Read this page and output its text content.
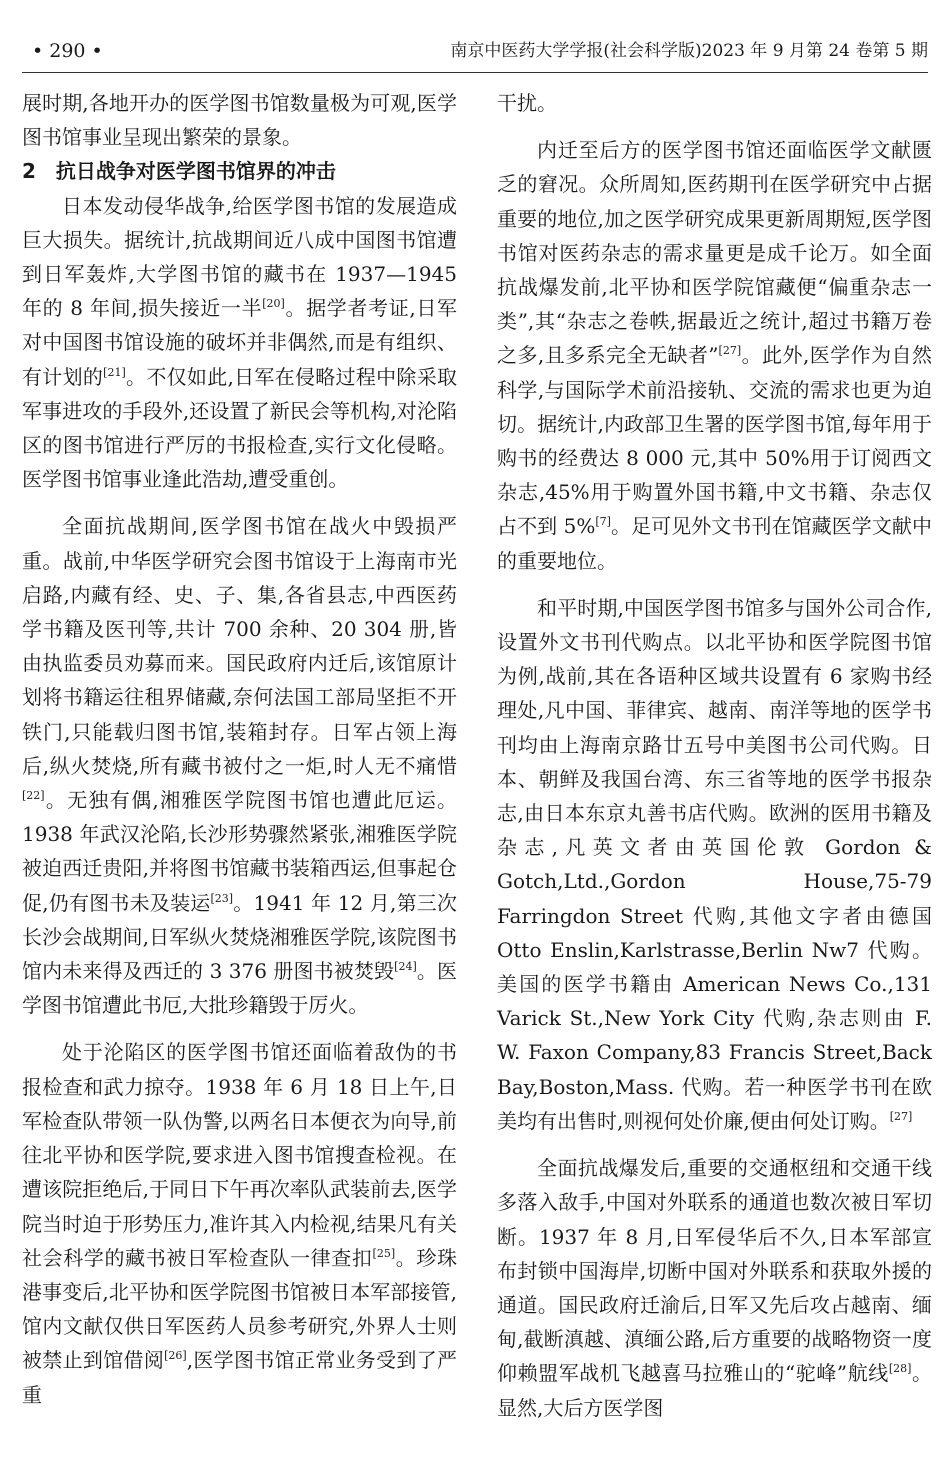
• 290 •	南京中医药大学学报(社会科学版)2023 年 9 月第 24 卷第 5 期

展时期,各地开办的医学图书馆数量极为可观,医学图书馆事业呈现出繁荣的景象。

2　抗日战争对医学图书馆界的冲击

日本发动侵华战争,给医学图书馆的发展造成巨大损失。据统计,抗战期间近八成中国图书馆遭到日军轰炸,大学图书馆的藏书在 1937—1945 年的 8 年间,损失接近一半[20]。据学者考证,日军对中国图书馆设施的破坏并非偶然,而是有组织、有计划的[21]。不仅如此,日军在侵略过程中除采取军事进攻的手段外,还设置了新民会等机构,对沦陷区的图书馆进行严厉的书报检查,实行文化侵略。医学图书馆事业逢此浩劫,遭受重创。

全面抗战期间,医学图书馆在战火中毁损严重。战前,中华医学研究会图书馆设于上海南市光启路,内藏有经、史、子、集,各省县志,中西医药学书籍及医刊等,共计 700 余种、20 304 册,皆由执监委员劝募而来。国民政府内迁后,该馆原计划将书籍运往租界储藏,奈何法国工部局坚拒不开铁门,只能载归图书馆,装箱封存。日军占领上海后,纵火焚烧,所有藏书被付之一炬,时人无不痛惜[22]。无独有偶,湘雅医学院图书馆也遭此厄运。1938 年武汉沦陷,长沙形势骤然紧张,湘雅医学院被迫西迁贵阳,并将图书馆藏书装箱西运,但事起仓促,仍有图书未及装运[23]。1941 年 12 月,第三次长沙会战期间,日军纵火焚烧湘雅医学院,该院图书馆内未来得及西迁的 3 376 册图书被焚毁[24]。医学图书馆遭此书厄,大批珍籍毁于厉火。

处于沦陷区的医学图书馆还面临着敌伪的书报检查和武力掠夺。1938 年 6 月 18 日上午,日军检查队带领一队伪警,以两名日本便衣为向导,前往北平协和医学院,要求进入图书馆搜查检视。在遭该院拒绝后,于同日下午再次率队武装前去,医学院当时迫于形势压力,准许其入内检视,结果凡有关社会科学的藏书被日军检查队一律查扣[25]。珍珠港事变后,北平协和医学院图书馆被日本军部接管,馆内文献仅供日军医药人员参考研究,外界人士则被禁止到馆借阅[26],医学图书馆正常业务受到了严重

干扰。

内迁至后方的医学图书馆还面临医学文献匮乏的窘况。众所周知,医药期刊在医学研究中占据重要的地位,加之医学研究成果更新周期短,医学图书馆对医药杂志的需求量更是成千论万。如全面抗战爆发前,北平协和医学院馆藏便“偏重杂志一类”,其“杂志之卷帙,据最近之统计,超过书籍万卷之多,且多系完全无缺者”[27]。此外,医学作为自然科学,与国际学术前沿接轨、交流的需求也更为迫切。据统计,内政部卫生署的医学图书馆,每年用于购书的经费达 8 000 元,其中 50%用于订阅西文杂志,45%用于购置外国书籍,中文书籍、杂志仅占不到 5%[7]。足可见外文书刊在馆藏医学文献中的重要地位。

和平时期,中国医学图书馆多与国外公司合作,设置外文书刊代购点。以北平协和医学院图书馆为例,战前,其在各语种区域共设置有 6 家购书经理处,凡中国、菲律宾、越南、南洋等地的医学书刊均由上海南京路廿五号中美图书公司代购。日本、朝鲜及我国台湾、东三省等地的医学书报杂志,由日本东京丸善书店代购。欧洲的医用书籍及杂志,凡英文者由英国伦敦 Gordon & Gotch,Ltd.,Gordon House,75-79 Farringdon Street 代购,其他文字者由德国 Otto Enslin,Karlstrasse,Berlin Nw7 代购。美国的医学书籍由 American News Co.,131 Varick St.,New York City 代购,杂志则由 F. W. Faxon Company,83 Francis Street,Back Bay,Boston,Mass. 代购。若一种医学书刊在欧美均有出售时,则视何处价廉,便由何处订购。[27]

全面抗战爆发后,重要的交通枢纽和交通干线多落入敌手,中国对外联系的通道也数次被日军切断。1937 年 8 月,日军侵华后不久,日本军部宣布封锁中国海岸,切断中国对外联系和获取外援的通道。国民政府迁渝后,日军又先后攻占越南、缅甸,截断滇越、滇缅公路,后方重要的战略物资一度仰赖盟军战机飞越喜马拉雅山的“驼峰”航线[28]。显然,大后方医学图
